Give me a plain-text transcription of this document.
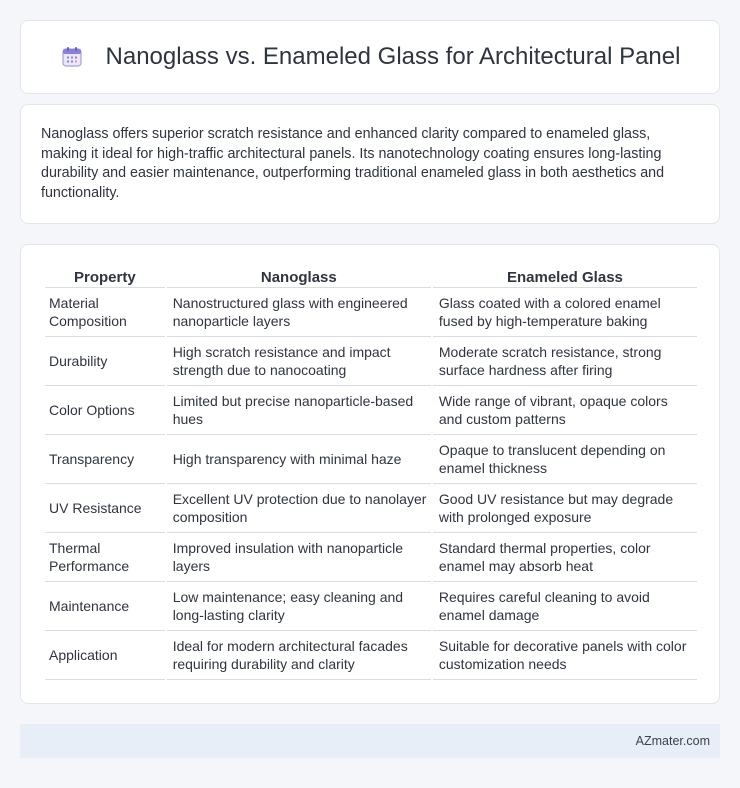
Nanoglass vs. Enameled Glass for Architectural Panel

Nanoglass offers superior scratch resistance and enhanced clarity compared to enameled glass, making it ideal for high-traffic architectural panels. Its nanotechnology coating ensures long-lasting durability and easier maintenance, outperforming traditional enameled glass in both aesthetics and functionality.

Property	Nanoglass	Enameled Glass
Material Composition	Nanostructured glass with engineered nanoparticle layers	Glass coated with a colored enamel fused by high-temperature baking
Durability	High scratch resistance and impact strength due to nanocoating	Moderate scratch resistance, strong surface hardness after firing
Color Options	Limited but precise nanoparticle-based hues	Wide range of vibrant, opaque colors and custom patterns
Transparency	High transparency with minimal haze	Opaque to translucent depending on enamel thickness
UV Resistance	Excellent UV protection due to nanolayer composition	Good UV resistance but may degrade with prolonged exposure
Thermal Performance	Improved insulation with nanoparticle layers	Standard thermal properties, color enamel may absorb heat
Maintenance	Low maintenance; easy cleaning and long-lasting clarity	Requires careful cleaning to avoid enamel damage
Application	Ideal for modern architectural facades requiring durability and clarity	Suitable for decorative panels with color customization needs
AZmater.com
